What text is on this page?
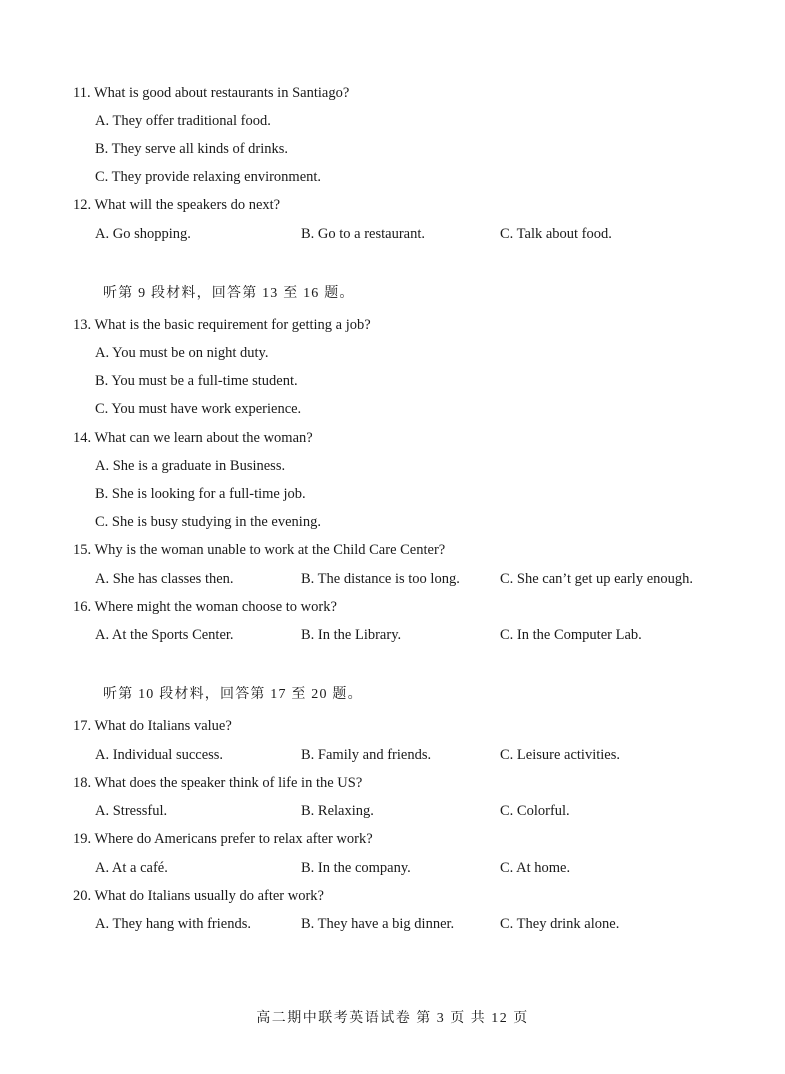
11. What is good about restaurants in Santiago?
A. They offer traditional food.
B. They serve all kinds of drinks.
C. They provide relaxing environment.
12. What will the speakers do next?
A. Go shopping.	B. Go to a restaurant.	C. Talk about food.
听第 9 段材料，回答第 13 至 16 题。
13. What is the basic requirement for getting a job?
A. You must be on night duty.
B. You must be a full-time student.
C. You must have work experience.
14. What can we learn about the woman?
A. She is a graduate in Business.
B. She is looking for a full-time job.
C. She is busy studying in the evening.
15. Why is the woman unable to work at the Child Care Center?
A. She has classes then.	B. The distance is too long.	C. She can’t get up early enough.
16. Where might the woman choose to work?
A. At the Sports Center.	B. In the Library.	C. In the Computer Lab.
听第 10 段材料，回答第 17 至 20 题。
17. What do Italians value?
A. Individual success.	B. Family and friends.	C. Leisure activities.
18. What does the speaker think of life in the US?
A. Stressful.	B. Relaxing.	C. Colorful.
19. Where do Americans prefer to relax after work?
A. At a café.	B. In the company.	C. At home.
20. What do Italians usually do after work?
A. They hang with friends.	B. They have a big dinner.	C. They drink alone.
高二期中联考英语试卷 第 3 页 共 12 页
